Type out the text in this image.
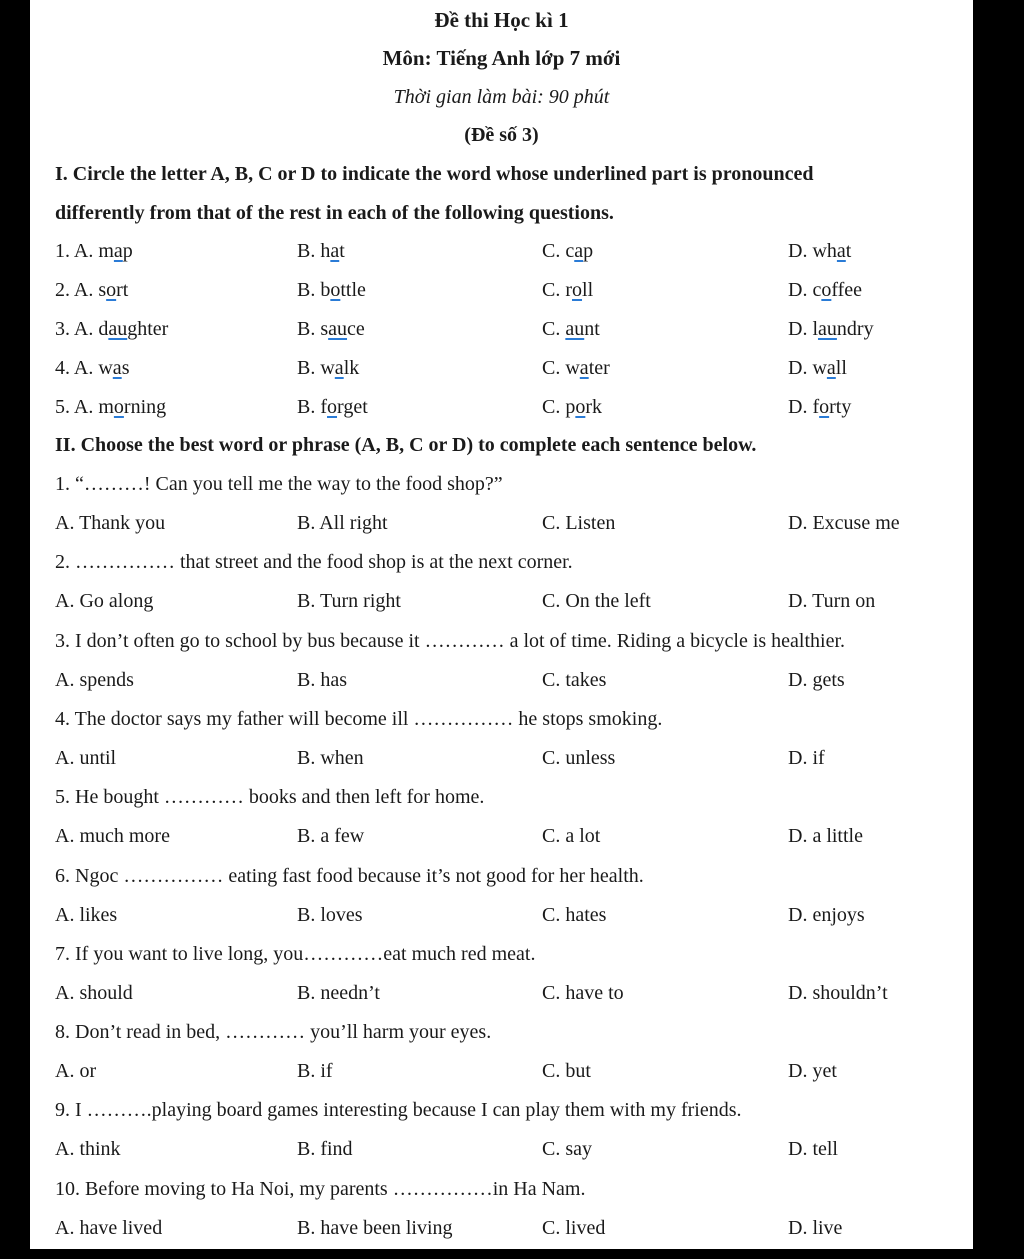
Đề thi Học kì 1
Môn: Tiếng Anh lớp 7 mới
Thời gian làm bài: 90 phút
(Đề số 3)
I. Circle the letter A, B, C or D to indicate the word whose underlined part is pronounced
differently from that of the rest in each of the following questions.
1. A. map	B. hat	C. cap	D. what
2. A. sort	B. bottle	C. roll	D. coffee
3. A. daughter	B. sauce	C. aunt	D. laundry
4. A. was	B. walk	C. water	D. wall
5. A. morning	B. forget	C. pork	D. forty
II. Choose the best word or phrase (A, B, C or D) to complete each sentence below.
1. “………! Can you tell me the way to the food shop?”
A. Thank you	B. All right	C. Listen	D. Excuse me
2. …………… that street and the food shop is at the next corner.
A. Go along	B. Turn right	C. On the left	D. Turn on
3. I don’t often go to school by bus because it ………… a lot of time. Riding a bicycle is healthier.
A. spends	B. has	C. takes	D. gets
4. The doctor says my father will become ill …………… he stops smoking.
A. until	B. when	C. unless	D. if
5. He bought ………… books and then left for home.
A. much more	B. a few	C. a lot	D. a little
6. Ngoc …………… eating fast food because it’s not good for her health.
A. likes	B. loves	C. hates	D. enjoys
7. If you want to live long, you…………eat much red meat.
A. should	B. needn’t	C. have to	D. shouldn’t
8. Don’t read in bed, ………… you’ll harm your eyes.
A. or	B. if	C. but	D. yet
9. I ……….playing board games interesting because I can play them with my friends.
A. think	B. find	C. say	D. tell
10. Before moving to Ha Noi, my parents ……………in Ha Nam.
A. have lived	B. have been living	C. lived	D. live
